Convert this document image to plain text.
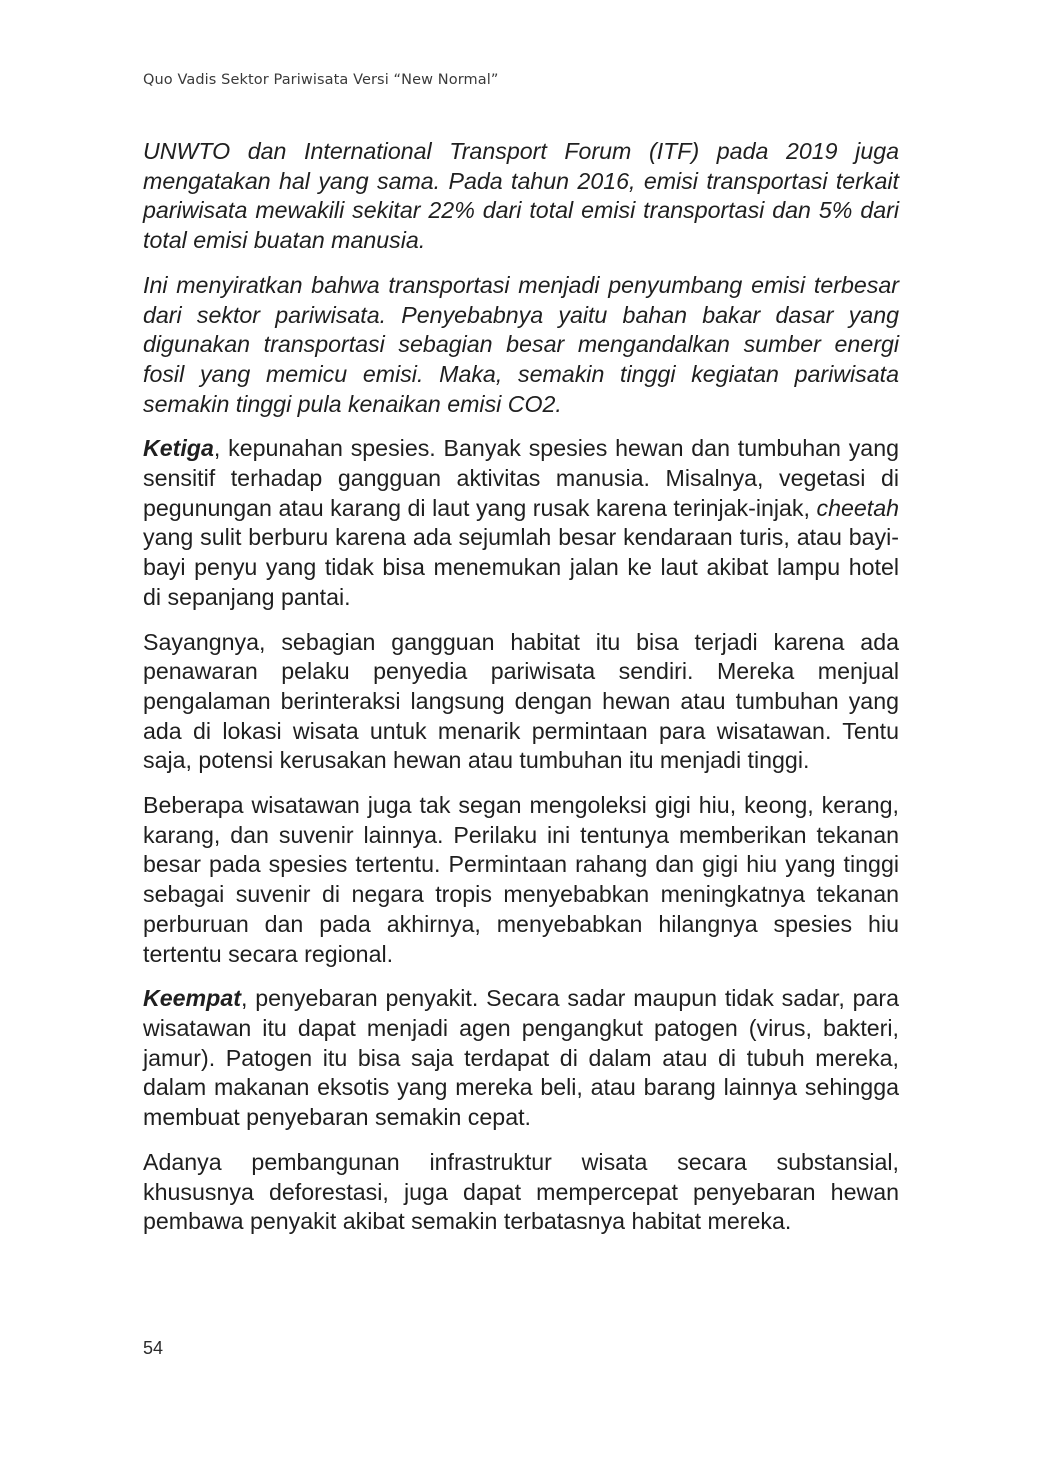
Quo Vadis Sektor Pariwisata Versi “New Normal”

UNWTO dan International Transport Forum (ITF) pada 2019 juga mengatakan hal yang sama. Pada tahun 2016, emisi transportasi terkait pariwisata mewakili sekitar 22% dari total emisi transportasi dan 5% dari total emisi buatan manusia.

Ini menyiratkan bahwa transportasi menjadi penyumbang emisi terbesar dari sektor pariwisata. Penyebabnya yaitu bahan bakar dasar yang digunakan transportasi sebagian besar mengandalkan sumber energi fosil yang memicu emisi. Maka, semakin tinggi kegiatan pariwisata semakin tinggi pula kenaikan emisi CO2.

Ketiga, kepunahan spesies. Banyak spesies hewan dan tumbuhan yang sensitif terhadap gangguan aktivitas manusia. Misalnya, vegetasi di pegunungan atau karang di laut yang rusak karena terinjak-injak, cheetah yang sulit berburu karena ada sejumlah besar kendaraan turis, atau bayi-bayi penyu yang tidak bisa menemukan jalan ke laut akibat lampu hotel di sepanjang pantai.

Sayangnya, sebagian gangguan habitat itu bisa terjadi karena ada penawaran pelaku penyedia pariwisata sendiri. Mereka menjual pengalaman berinteraksi langsung dengan hewan atau tumbuhan yang ada di lokasi wisata untuk menarik permintaan para wisatawan. Tentu saja, potensi kerusakan hewan atau tumbuhan itu menjadi tinggi.

Beberapa wisatawan juga tak segan mengoleksi gigi hiu, keong, kerang, karang, dan suvenir lainnya. Perilaku ini tentunya memberikan tekanan besar pada spesies tertentu. Permintaan rahang dan gigi hiu yang tinggi sebagai suvenir di negara tropis menyebabkan meningkatnya tekanan perburuan dan pada akhirnya, menyebabkan hilangnya spesies hiu tertentu secara regional.

Keempat, penyebaran penyakit. Secara sadar maupun tidak sadar, para wisatawan itu dapat menjadi agen pengangkut patogen (virus, bakteri, jamur). Patogen itu bisa saja terdapat di dalam atau di tubuh mereka, dalam makanan eksotis yang mereka beli, atau barang lainnya sehingga membuat penyebaran semakin cepat.

Adanya pembangunan infrastruktur wisata secara substansial, khususnya deforestasi, juga dapat mempercepat penyebaran hewan pembawa penyakit akibat semakin terbatasnya habitat mereka.

54
